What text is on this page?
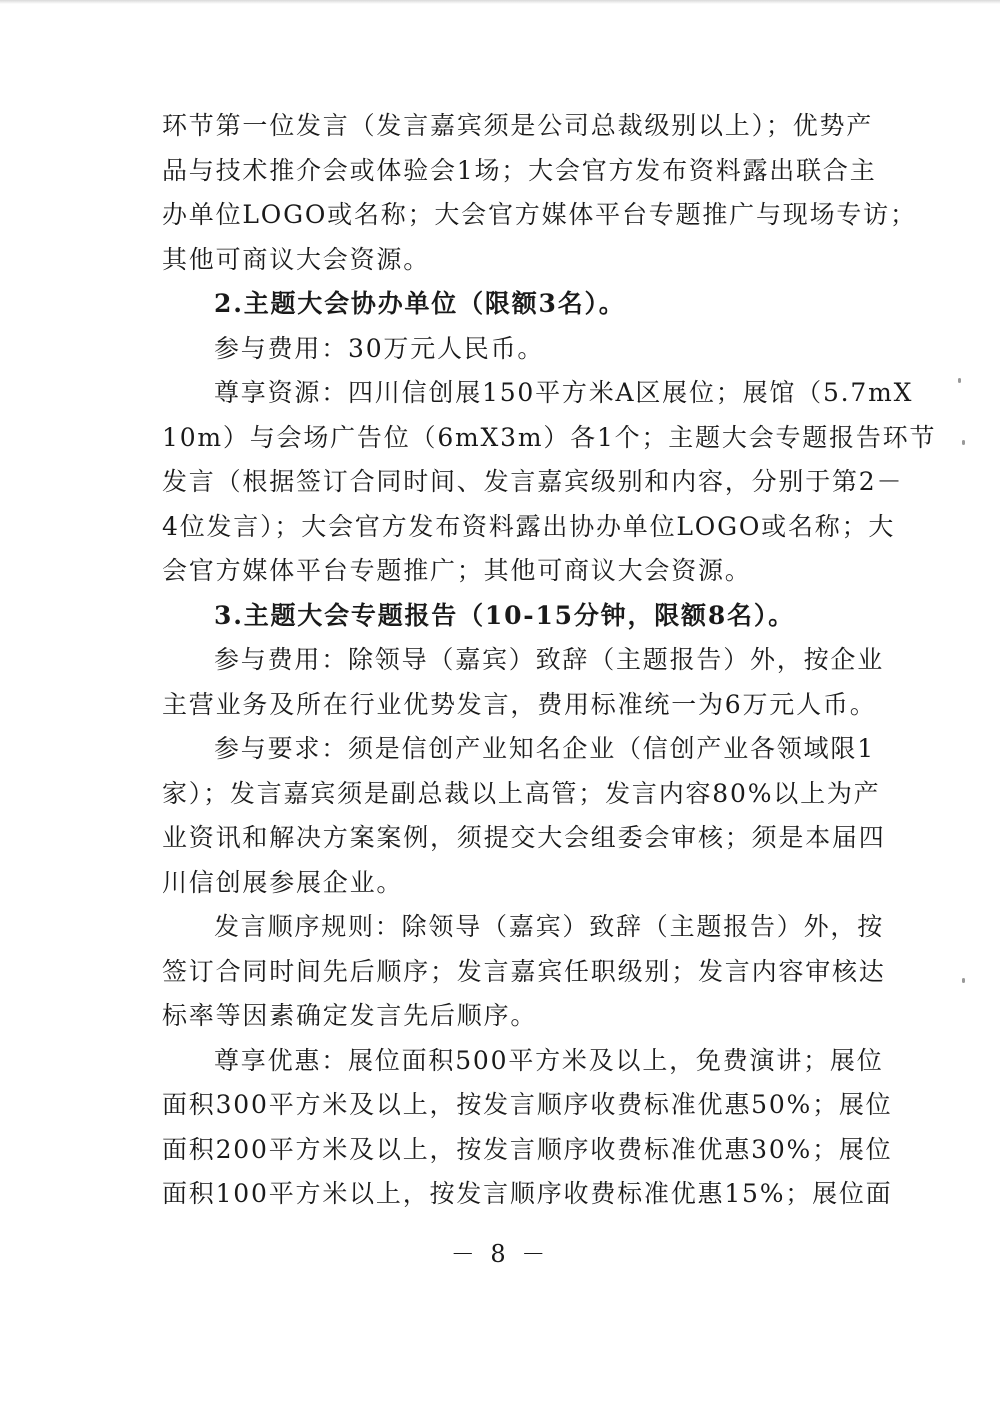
环节第一位发言（发言嘉宾须是公司总裁级别以上）；优势产
品与技术推介会或体验会1场；大会官方发布资料露出联合主
办单位LOGO或名称；大会官方媒体平台专题推广与现场专访；
其他可商议大会资源。
2.主题大会协办单位（限额3名）。
参与费用：30万元人民币。
尊享资源：四川信创展150平方米A区展位；展馆（5.7mX
10m）与会场广告位（6mX3m）各1个；主题大会专题报告环节
发言（根据签订合同时间、发言嘉宾级别和内容，分别于第2－
4位发言）；大会官方发布资料露出协办单位LOGO或名称；大
会官方媒体平台专题推广；其他可商议大会资源。
3.主题大会专题报告（10-15分钟，限额8名）。
参与费用：除领导（嘉宾）致辞（主题报告）外，按企业
主营业务及所在行业优势发言，费用标准统一为6万元人币。
参与要求：须是信创产业知名企业（信创产业各领域限1
家）；发言嘉宾须是副总裁以上高管；发言内容80%以上为产
业资讯和解决方案案例，须提交大会组委会审核；须是本届四
川信创展参展企业。
发言顺序规则：除领导（嘉宾）致辞（主题报告）外，按
签订合同时间先后顺序；发言嘉宾任职级别；发言内容审核达
标率等因素确定发言先后顺序。
尊享优惠：展位面积500平方米及以上，免费演讲；展位
面积300平方米及以上，按发言顺序收费标准优惠50%；展位
面积200平方米及以上，按发言顺序收费标准优惠30%；展位
面积100平方米以上，按发言顺序收费标准优惠15%；展位面
－ 8 －
